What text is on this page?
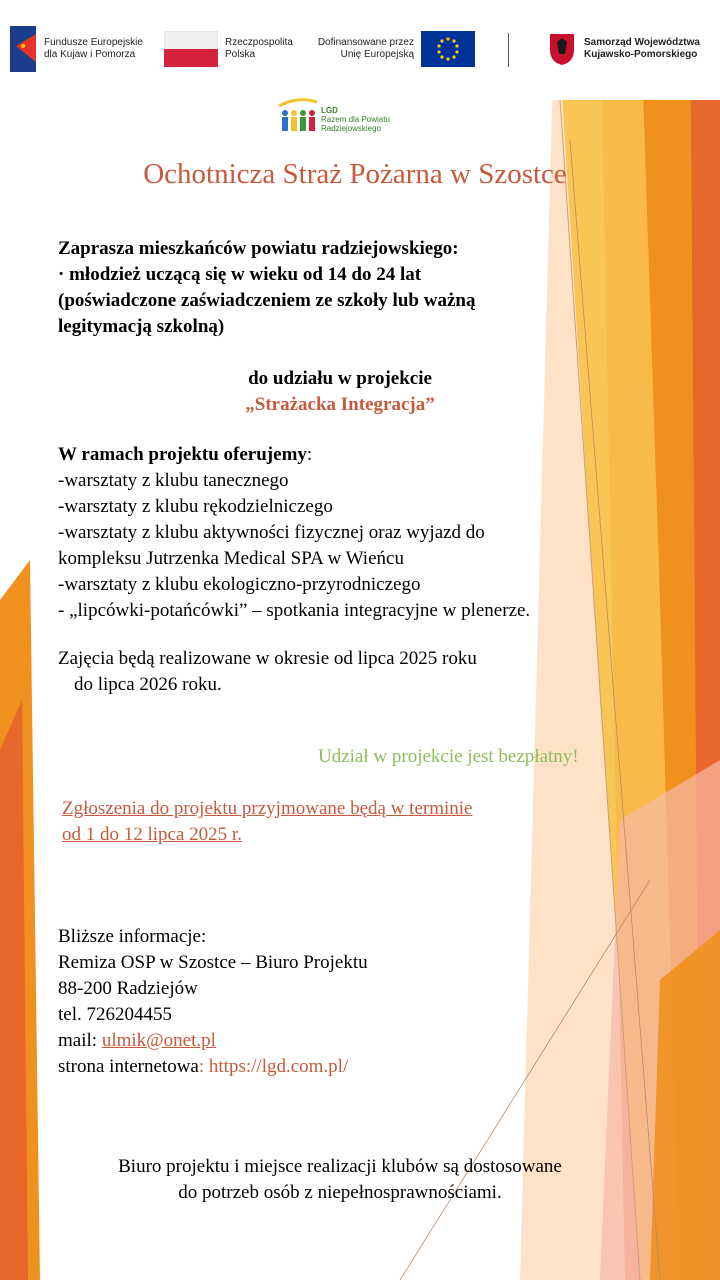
Fundusze Europejskie
dla Kujaw i Pomorza
Rzeczpospolita
Polska
Dofinansowane przez
Unię Europejską
Samorząd Województwa
Kujawsko-Pomorskiego
LGD
Razem dla Powiatu
Radziejowskiego
Ochotnicza Straż Pożarna w Szostce
Zaprasza mieszkańców powiatu radziejowskiego:
· młodzież uczącą się w wieku od 14 do 24 lat
(poświadczone zaświadczeniem ze szkoły lub ważną
legitymacją szkolną)
do udziału w projekcie
„Strażacka Integracja”
W ramach projektu oferujemy:
-warsztaty z klubu tanecznego
-warsztaty z klubu rękodzielniczego
-warsztaty z klubu aktywności fizycznej oraz wyjazd do
kompleksu Jutrzenka Medical SPA w Wieńcu
-warsztaty z klubu ekologiczno-przyrodniczego
- „lipcówki-potańcówki” – spotkania integracyjne w plenerze.
Zajęcia będą realizowane w okresie od lipca 2025 roku
do lipca 2026 roku.
Udział w projekcie jest bezpłatny!
Zgłoszenia do projektu przyjmowane będą w terminie
od 1 do 12 lipca 2025 r.
Bliższe informacje:
Remiza OSP w Szostce – Biuro Projektu
88-200 Radziejów
tel. 726204455
mail: ulmik@onet.pl
strona internetowa: https://lgd.com.pl/
Biuro projektu i miejsce realizacji klubów są dostosowane
do potrzeb osób z niepełnosprawnościami.
